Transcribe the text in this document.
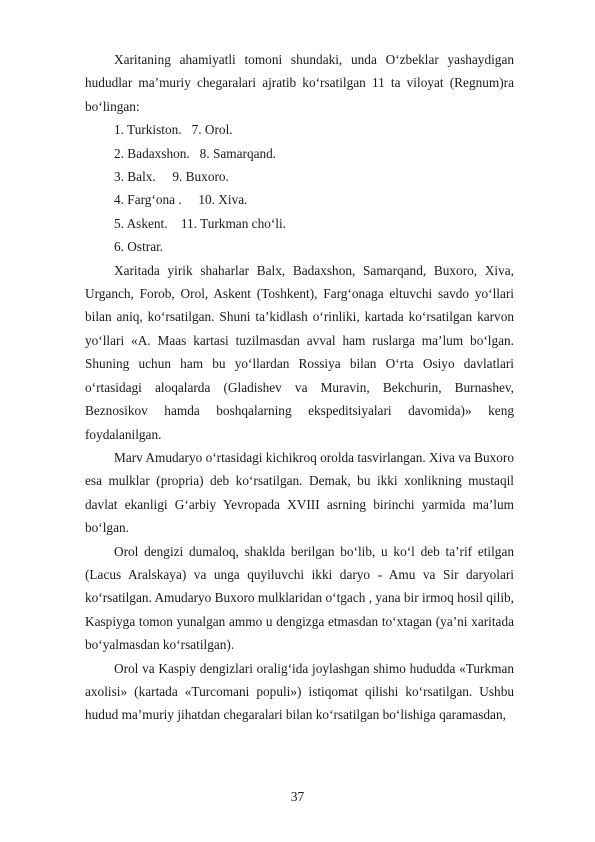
Xaritaning ahamiyatli tomoni shundaki, unda O‘zbeklar yashaydigan hududlar ma’muriy chegaralari ajratib ko‘rsatilgan 11 ta viloyat (Regnum)ra bo‘lingan:

1. Turkiston.   7. Orol.

2. Badaxshon.   8. Samarqand.

3. Balx.     9. Buxoro.

4. Farg‘ona .     10. Xiva.

5. Askent.    11. Turkman cho‘li.

6. Ostrar.

Xaritada yirik shaharlar Balx, Badaxshon, Samarqand, Buxoro, Xiva, Urganch, Forob, Orol, Askent (Toshkent), Farg‘onaga eltuvchi savdo yo‘llari bilan aniq, ko‘rsatilgan. Shuni ta’kidlash o‘rinliki, kartada ko‘rsatilgan karvon yo‘llari «A. Maas kartasi tuzilmasdan avval ham ruslarga ma’lum bo‘lgan. Shuning uchun ham bu yo‘llardan Rossiya bilan O‘rta Osiyo davlatlari o‘rtasidagi aloqalarda (Gladishev va Muravin, Bekchurin, Burnashev, Beznosikov hamda boshqalarning ekspeditsiyalari davomida)» keng foydalanilgan.

Marv Amudaryo o‘rtasidagi kichikroq orolda tasvirlangan. Xiva va Buxoro esa mulklar (propria) deb ko‘rsatilgan. Demak, bu ikki xonlikning mustaqil davlat ekanligi G‘arbiy Yevropada XVIII asrning birinchi yarmida ma’lum bo‘lgan.

Orol dengizi dumaloq, shaklda berilgan bo‘lib, u ko‘l deb ta’rif etilgan (Lacus Aralskaya) va unga quyiluvchi ikki daryo - Amu va Sir daryolari ko‘rsatilgan. Amudaryo Buxoro mulklaridan o‘tgach , yana bir irmoq hosil qilib, Kaspiyga tomon yunalgan ammo u dengizga etmasdan to‘xtagan (ya’ni xaritada bo‘yalmasdan ko‘rsatilgan).

Orol va Kaspiy dengizlari oralig‘ida joylashgan shimo hududda «Turkman axolisi» (kartada «Turcomani populi») istiqomat qilishi ko‘rsatilgan. Ushbu hudud ma’muriy jihatdan chegaralari bilan ko‘rsatilgan bo‘lishiga qaramasdan,

37
